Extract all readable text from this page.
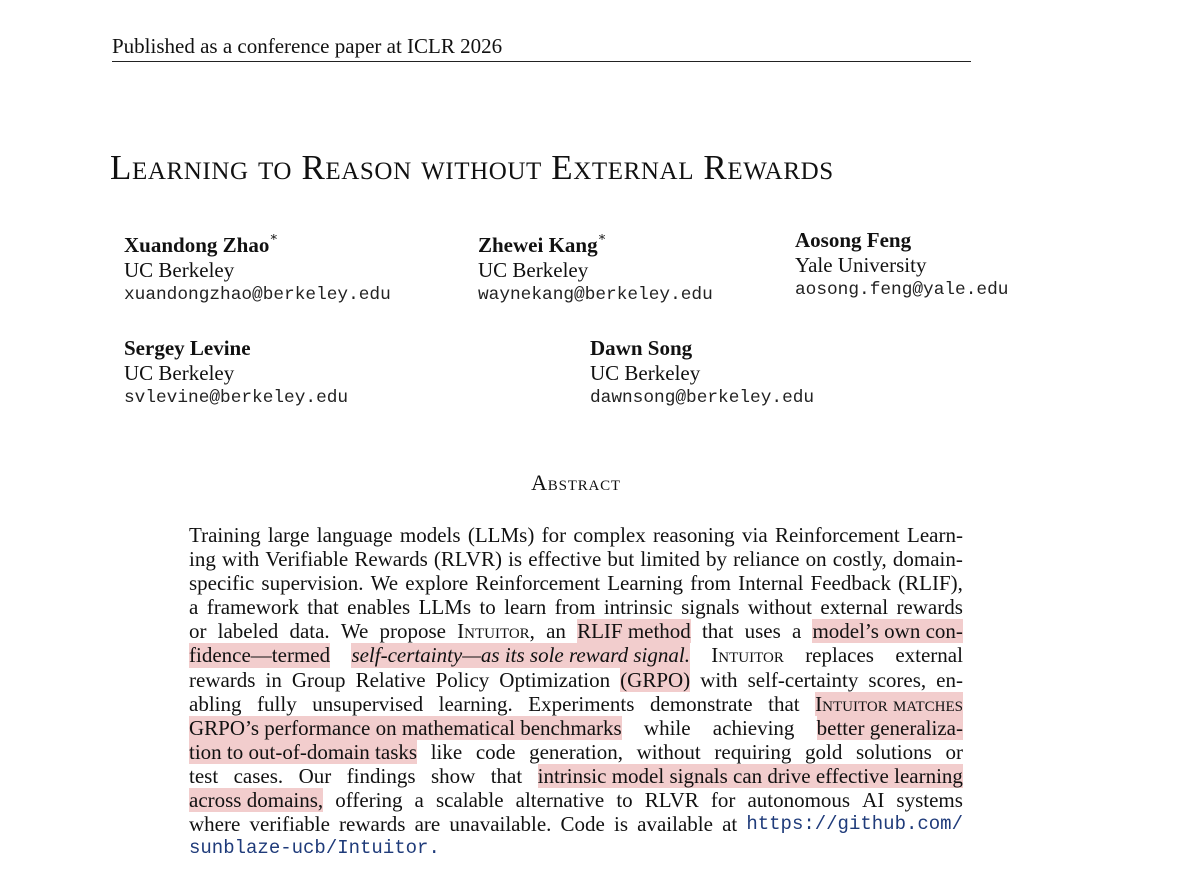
Published as a conference paper at ICLR 2026
Learning to Reason without External Rewards
Xuandong Zhao∗
UC Berkeley
xuandongzhao@berkeley.edu
Zhewei Kang∗
UC Berkeley
waynekang@berkeley.edu
Aosong Feng
Yale University
aosong.feng@yale.edu
Sergey Levine
UC Berkeley
svlevine@berkeley.edu
Dawn Song
UC Berkeley
dawnsong@berkeley.edu
Abstract
Training large language models (LLMs) for complex reasoning via Reinforcement Learn-
ing with Verifiable Rewards (RLVR) is effective but limited by reliance on costly, domain-
specific supervision. We explore Reinforcement Learning from Internal Feedback (RLIF),
a framework that enables LLMs to learn from intrinsic signals without external rewards
or labeled data. We propose Intuitor, an RLIF method that uses a model’s own con-
fidence—termed self-certainty—as its sole reward signal. Intuitor replaces external
rewards in Group Relative Policy Optimization (GRPO) with self-certainty scores, en-
abling fully unsupervised learning. Experiments demonstrate that Intuitor matches
GRPO’s performance on mathematical benchmarks while achieving better generaliza-
tion to out-of-domain tasks like code generation, without requiring gold solutions or
test cases. Our findings show that intrinsic model signals can drive effective learning
across domains, offering a scalable alternative to RLVR for autonomous AI systems
where verifiable rewards are unavailable. Code is available at https://github.com/
sunblaze-ucb/Intuitor.
